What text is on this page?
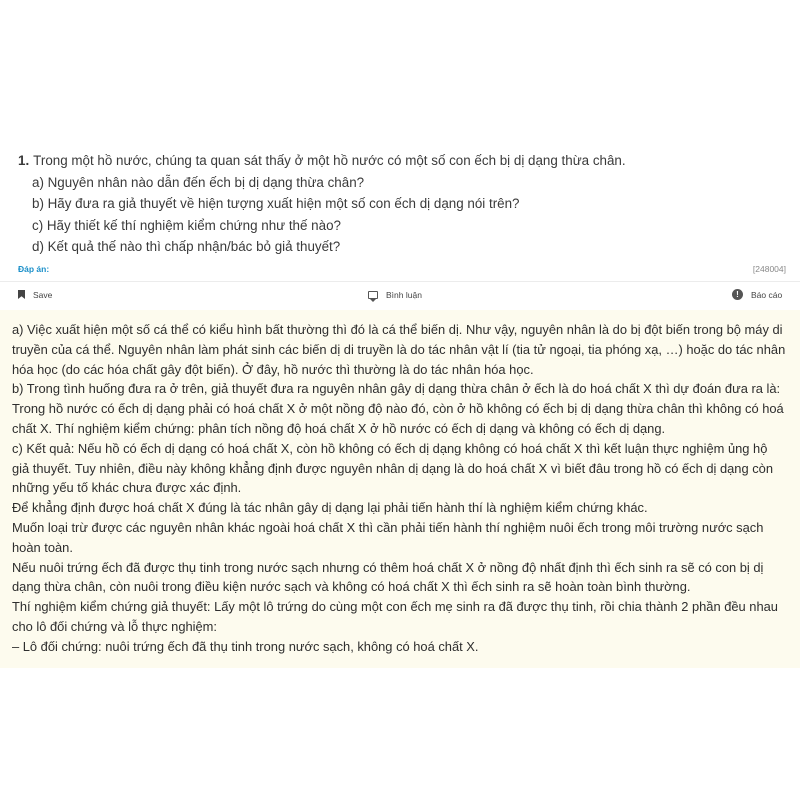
1. Trong một hồ nước, chúng ta quan sát thấy ở một hồ nước có một số con ếch bị dị dạng thừa chân.
a) Nguyên nhân nào dẫn đến ếch bị dị dạng thừa chân?
b) Hãy đưa ra giả thuyết về hiện tượng xuất hiện một số con ếch dị dạng nói trên?
c) Hãy thiết kế thí nghiệm kiểm chứng như thế nào?
d) Kết quả thế nào thì chấp nhận/bác bỏ giả thuyết?
Đáp án:	[248004]
Save	Bình luận	!	Báo cáo

a) Việc xuất hiện một số cá thể có kiểu hình bất thường thì đó là cá thể biến dị. Như vậy, nguyên nhân là do bị đột biến trong bộ máy di truyền của cá thể. Nguyên nhân làm phát sinh các biến dị di truyền là do tác nhân vật lí (tia tử ngoại, tia phóng xạ, …) hoặc do tác nhân hóa học (do các hóa chất gây đột biến). Ở đây, hồ nước thì thường là do tác nhân hóa học.

b) Trong tình huống đưa ra ở trên, giả thuyết đưa ra nguyên nhân gây dị dạng thừa chân ở ếch là do hoá chất X thì dự đoán đưa ra là: Trong hồ nước có ếch dị dạng phải có hoá chất X ở một nồng độ nào đó, còn ở hồ không có ếch bị dị dạng thừa chân thì không có hoá chất X. Thí nghiệm kiểm chứng: phân tích nồng độ hoá chất X ở hồ nước có ếch dị dạng và không có ếch dị dạng.

c) Kết quả: Nếu hồ có ếch dị dạng có hoá chất X, còn hồ không có ếch dị dạng không có hoá chất X thì kết luận thực nghiệm ủng hộ giả thuyết. Tuy nhiên, điều này không khẳng định được nguyên nhân dị dạng là do hoá chất X vì biết đâu trong hồ có ếch dị dạng còn những yếu tố khác chưa được xác định.

Để khẳng định được hoá chất X đúng là tác nhân gây dị dạng lại phải tiến hành thí là nghiệm kiểm chứng khác.

Muốn loại trừ được các nguyên nhân khác ngoài hoá chất X thì cần phải tiến hành thí nghiệm nuôi ếch trong môi trường nước sạch hoàn toàn.

Nếu nuôi trứng ếch đã được thụ tinh trong nước sạch nhưng có thêm hoá chất X ở nồng độ nhất định thì ếch sinh ra sẽ có con bị dị dạng thừa chân, còn nuôi trong điều kiện nước sạch và không có hoá chất X thì ếch sinh ra sẽ hoàn toàn bình thường.

Thí nghiệm kiểm chứng giả thuyết: Lấy một lô trứng do cùng một con ếch mẹ sinh ra đã được thụ tinh, rồi chia thành 2 phần đều nhau cho lô đối chứng và lỗ thực nghiệm:

– Lô đối chứng: nuôi trứng ếch đã thụ tinh trong nước sạch, không có hoá chất X.
